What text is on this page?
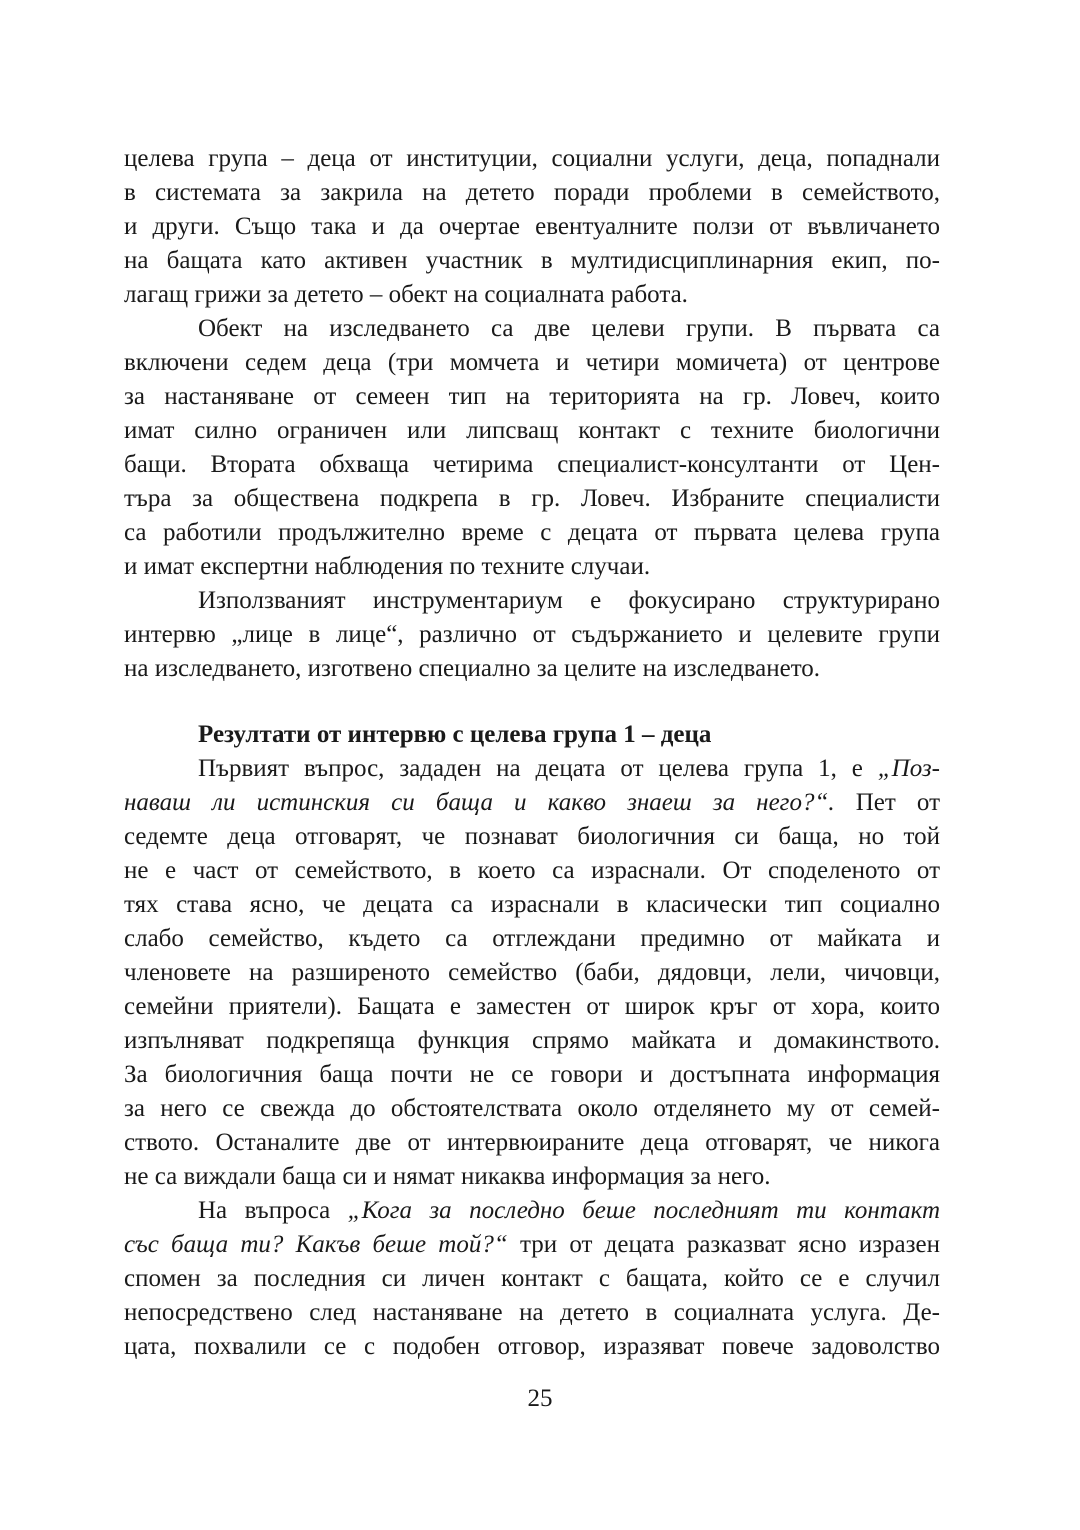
целева група – деца от институции, социални услуги, деца, попаднали
в системата за закрила на детето поради проблеми в семейството,
и други. Също така и да очертае евентуалните ползи от въвличането
на бащата като активен участник в мултидисциплинарния екип, по-
лагащ грижи за детето – обект на социалната работа.
Обект на изследването са две целеви групи. В първата са
включени седем деца (три момчета и четири момичета) от центрове
за настаняване от семеен тип на територията на гр. Ловеч, които
имат силно ограничен или липсващ контакт с техните биологични
бащи. Втората обхваща четирима специалист-консултанти от Цен-
търа за обществена подкрепа в гр. Ловеч. Избраните специалисти
са работили продължително време с децата от първата целева група
и имат експертни наблюдения по техните случаи.
Използваният инструментариум е фокусирано структурирано
интервю „лице в лице“, различно от съдържанието и целевите групи
на изследването, изготвено специално за целите на изследването.
Резултати от интервю с целева група 1 – деца
Първият въпрос, зададен на децата от целева група 1, е „Поз-
наваш ли истинския си баща и какво знаеш за него?“. Пет от
седемте деца отговарят, че познават биологичния си баща, но той
не е част от семейството, в което са израснали. От споделеното от
тях става ясно, че децата са израснали в класически тип социално
слабо семейство, където са отглеждани предимно от майката и
членовете на разширеното семейство (баби, дядовци, лели, чичовци,
семейни приятели). Бащата е заместен от широк кръг от хора, които
изпълняват подкрепяща функция спрямо майката и домакинството.
За биологичния баща почти не се говори и достъпната информация
за него се свежда до обстоятелствата около отделянето му от семей-
ството. Останалите две от интервюираните деца отговарят, че никога
не са виждали баща си и нямат никаква информация за него.
На въпроса „Кога за последно беше последният ти контакт
със баща ти? Какъв беше той?“ три от децата разказват ясно изразен
спомен за последния си личен контакт с бащата, който се е случил
непосредствено след настаняване на детето в социалната услуга. Де-
цата, похвалили се с подобен отговор, изразяват повече задоволство
25
